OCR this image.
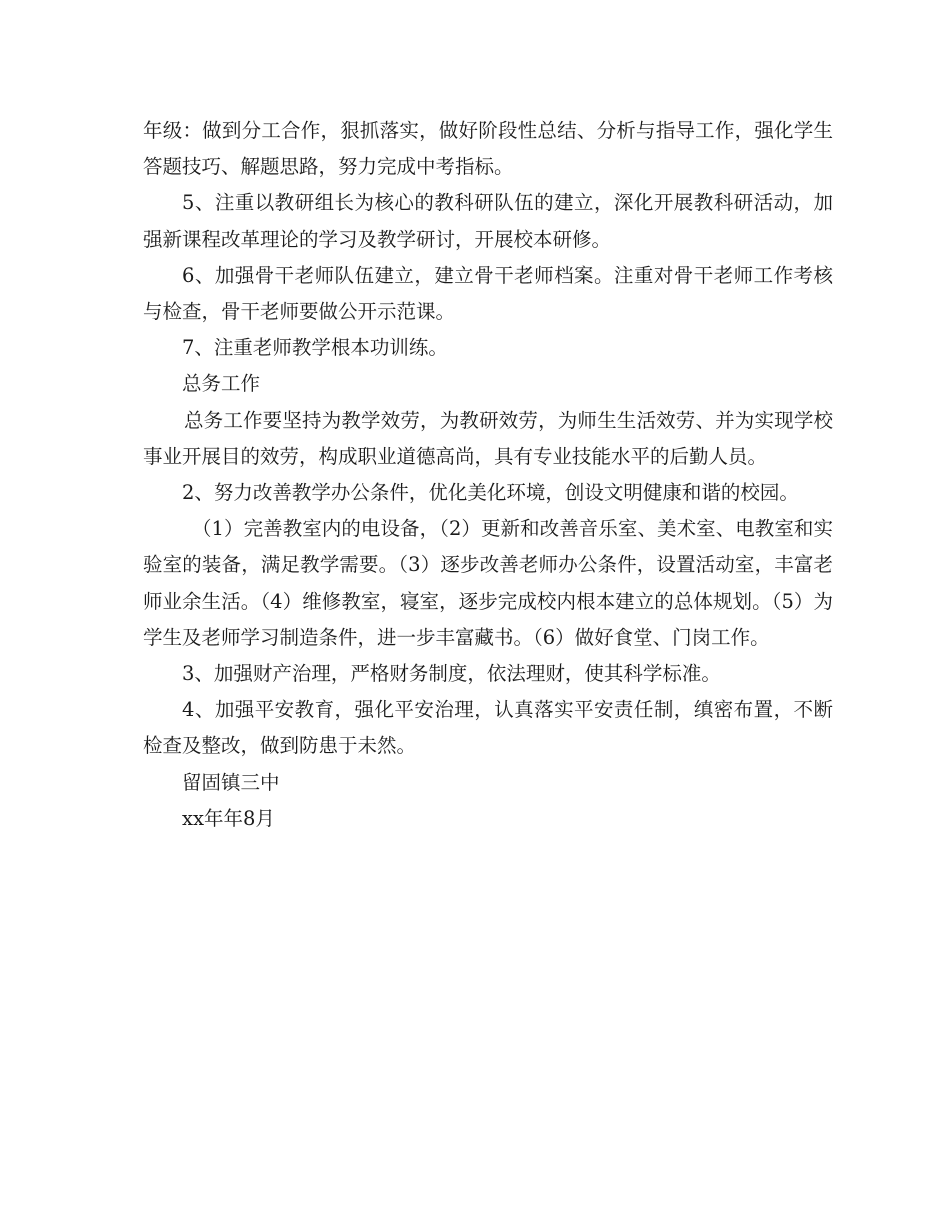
年级：做到分工合作，狠抓落实，做好阶段性总结、分析与指导工作，强化学生答题技巧、解题思路，努力完成中考指标。

5、注重以教研组长为核心的教科研队伍的建立，深化开展教科研活动，加强新课程改革理论的学习及教学研讨，开展校本研修。

6、加强骨干老师队伍建立，建立骨干老师档案。注重对骨干老师工作考核与检查，骨干老师要做公开示范课。

7、注重老师教学根本功训练。

总务工作

总务工作要坚持为教学效劳，为教研效劳，为师生生活效劳、并为实现学校事业开展目的效劳，构成职业道德高尚，具有专业技能水平的后勤人员。

2、努力改善教学办公条件，优化美化环境，创设文明健康和谐的校园。

（1）完善教室内的电设备，（2）更新和改善音乐室、美术室、电教室和实验室的装备，满足教学需要。（3）逐步改善老师办公条件，设置活动室，丰富老师业余生活。（4）维修教室，寝室，逐步完成校内根本建立的总体规划。（5）为学生及老师学习制造条件，进一步丰富藏书。（6）做好食堂、门岗工作。

3、加强财产治理，严格财务制度，依法理财，使其科学标准。

4、加强平安教育，强化平安治理，认真落实平安责任制，缜密布置，不断检查及整改，做到防患于未然。

留固镇三中

xx年年8月
